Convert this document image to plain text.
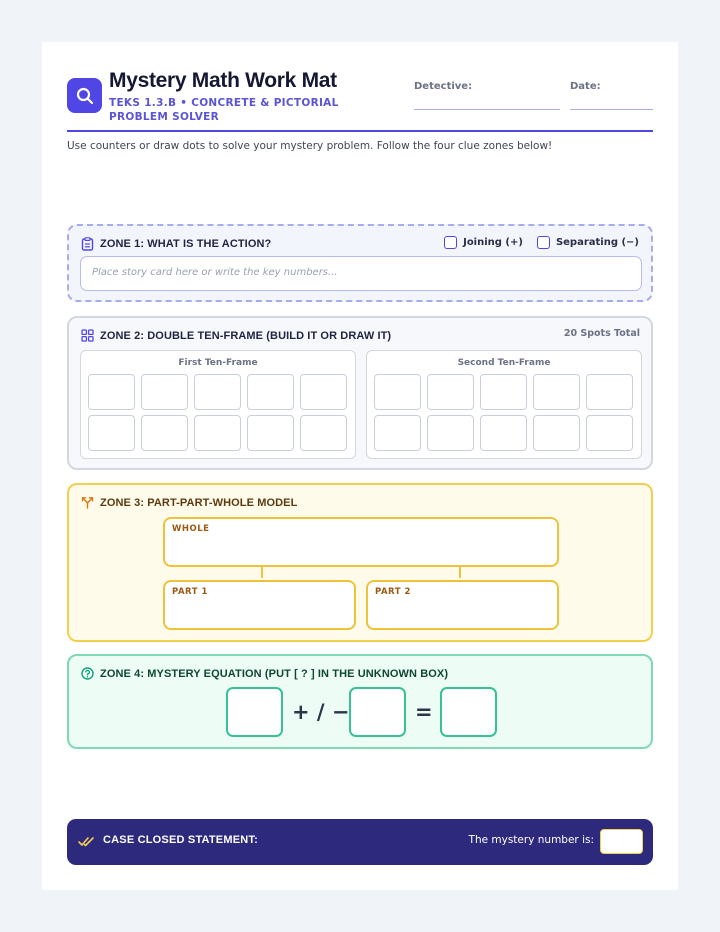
Mystery Math Work Mat
TEKS 1.3.B • CONCRETE & PICTORIAL PROBLEM SOLVER
Detective:	Date:
Use counters or draw dots to solve your mystery problem. Follow the four clue zones below!
ZONE 1: WHAT IS THE ACTION?	Joining (+)	Separating (−)
Place story card here or write the key numbers...
ZONE 2: DOUBLE TEN-FRAME (BUILD IT OR DRAW IT)	20 Spots Total
First Ten-Frame	Second Ten-Frame
ZONE 3: PART-PART-WHOLE MODEL
WHOLE
PART 1	PART 2
ZONE 4: MYSTERY EQUATION (PUT [ ? ] IN THE UNKNOWN BOX)
+ / −	=
CASE CLOSED STATEMENT:	The mystery number is:
